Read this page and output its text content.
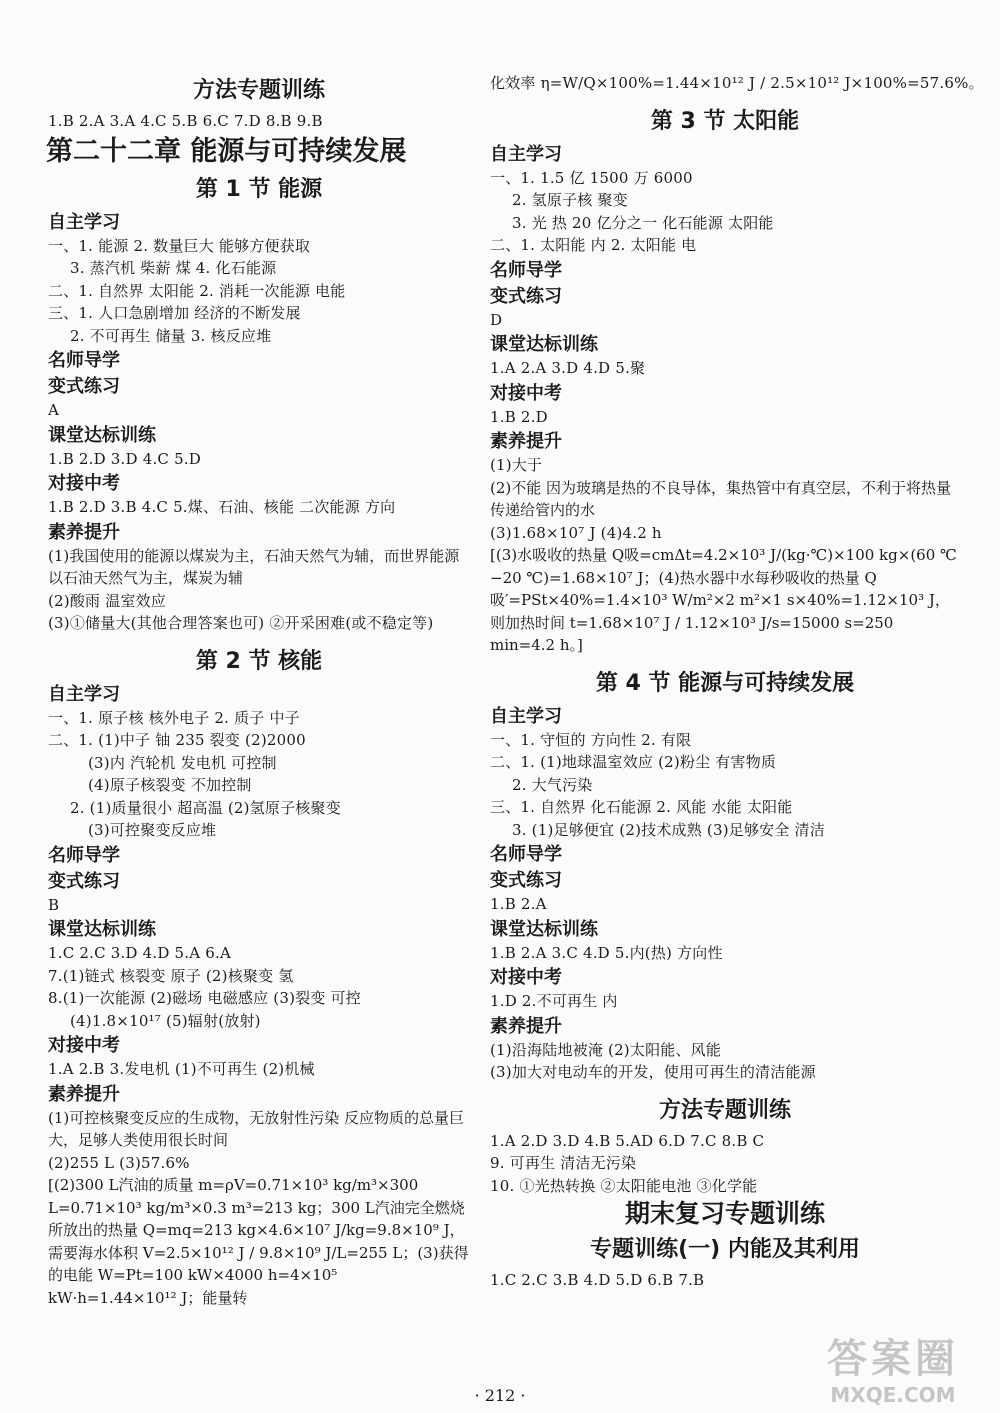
方法专题训练
1.B 2.A 3.A 4.C 5.B 6.C 7.D 8.B 9.B
第二十二章 能源与可持续发展
第 1 节 能源
自主学习
一、1. 能源 2. 数量巨大 能够方便获取
3. 蒸汽机 柴薪 煤 4. 化石能源
二、1. 自然界 太阳能 2. 消耗一次能源 电能
三、1. 人口急剧增加 经济的不断发展
2. 不可再生 储量 3. 核反应堆
名师导学
变式练习
A
课堂达标训练
1.B 2.D 3.D 4.C 5.D
对接中考
1.B 2.D 3.B 4.C 5.煤、石油、核能 二次能源 方向
素养提升
(1)我国使用的能源以煤炭为主，石油天然气为辅，而世界能源以石油天然气为主，煤炭为辅
(2)酸雨 温室效应
(3)①储量大(其他合理答案也可) ②开采困难(或不稳定等)
第 2 节 核能
自主学习
一、1. 原子核 核外电子 2. 质子 中子
二、1. (1)中子 铀 235 裂变 (2)2000
(3)内 汽轮机 发电机 可控制
(4)原子核裂变 不加控制
2. (1)质量很小 超高温 (2)氢原子核聚变
(3)可控聚变反应堆
名师导学
变式练习
B
课堂达标训练
1.C 2.C 3.D 4.D 5.A 6.A
7.(1)链式 核裂变 原子 (2)核聚变 氢
8.(1)一次能源 (2)磁场 电磁感应 (3)裂变 可控
(4)1.8×10¹⁷ (5)辐射(放射)
对接中考
1.A 2.B 3.发电机 (1)不可再生 (2)机械
素养提升
(1)可控核聚变反应的生成物，无放射性污染 反应物质的总量巨大，足够人类使用很长时间
(2)255 L (3)57.6%
[(2)300 L汽油的质量 m=ρV=0.71×10³ kg/m³×300 L=0.71×10³ kg/m³×0.3 m³=213 kg；300 L汽油完全燃烧所放出的热量 Q=mq=213 kg×4.6×10⁷ J/kg=9.8×10⁹ J，需要海水体积 V=2.5×10¹² J / 9.8×10⁹ J/L=255 L；(3)获得的电能 W=Pt=100 kW×4000 h=4×10⁵ kW·h=1.44×10¹² J；能量转
化效率 η=W/Q×100%=1.44×10¹² J / 2.5×10¹² J×100%=57.6%。
第 3 节 太阳能
自主学习
一、1. 1.5 亿 1500 万 6000
2. 氢原子核 聚变
3. 光 热 20 亿分之一 化石能源 太阳能
二、1. 太阳能 内 2. 太阳能 电
名师导学
变式练习
D
课堂达标训练
1.A 2.A 3.D 4.D 5.聚
对接中考
1.B 2.D
素养提升
(1)大于
(2)不能 因为玻璃是热的不良导体，集热管中有真空层，不利于将热量传递给管内的水
(3)1.68×10⁷ J (4)4.2 h
[(3)水吸收的热量 Q吸=cmΔt=4.2×10³ J/(kg·℃)×100 kg×(60 ℃−20 ℃)=1.68×10⁷ J；(4)热水器中水每秒吸收的热量 Q吸′=PSt×40%=1.4×10³ W/m²×2 m²×1 s×40%=1.12×10³ J，则加热时间 t=1.68×10⁷ J / 1.12×10³ J/s=15000 s=250 min=4.2 h。]
第 4 节 能源与可持续发展
自主学习
一、1. 守恒的 方向性 2. 有限
二、1. (1)地球温室效应 (2)粉尘 有害物质
2. 大气污染
三、1. 自然界 化石能源 2. 风能 水能 太阳能
3. (1)足够便宜 (2)技术成熟 (3)足够安全 清洁
名师导学
变式练习
1.B 2.A
课堂达标训练
1.B 2.A 3.C 4.D 5.内(热) 方向性
对接中考
1.D 2.不可再生 内
素养提升
(1)沿海陆地被淹 (2)太阳能、风能
(3)加大对电动车的开发，使用可再生的清洁能源
方法专题训练
1.A 2.D 3.D 4.B 5.AD 6.D 7.C 8.B C
9. 可再生 清洁无污染
10. ①光热转换 ②太阳能电池 ③化学能
期末复习专题训练
专题训练(一) 内能及其利用
1.C 2.C 3.B 4.D 5.D 6.B 7.B
· 212 ·
答案圈
MXQE.COM
